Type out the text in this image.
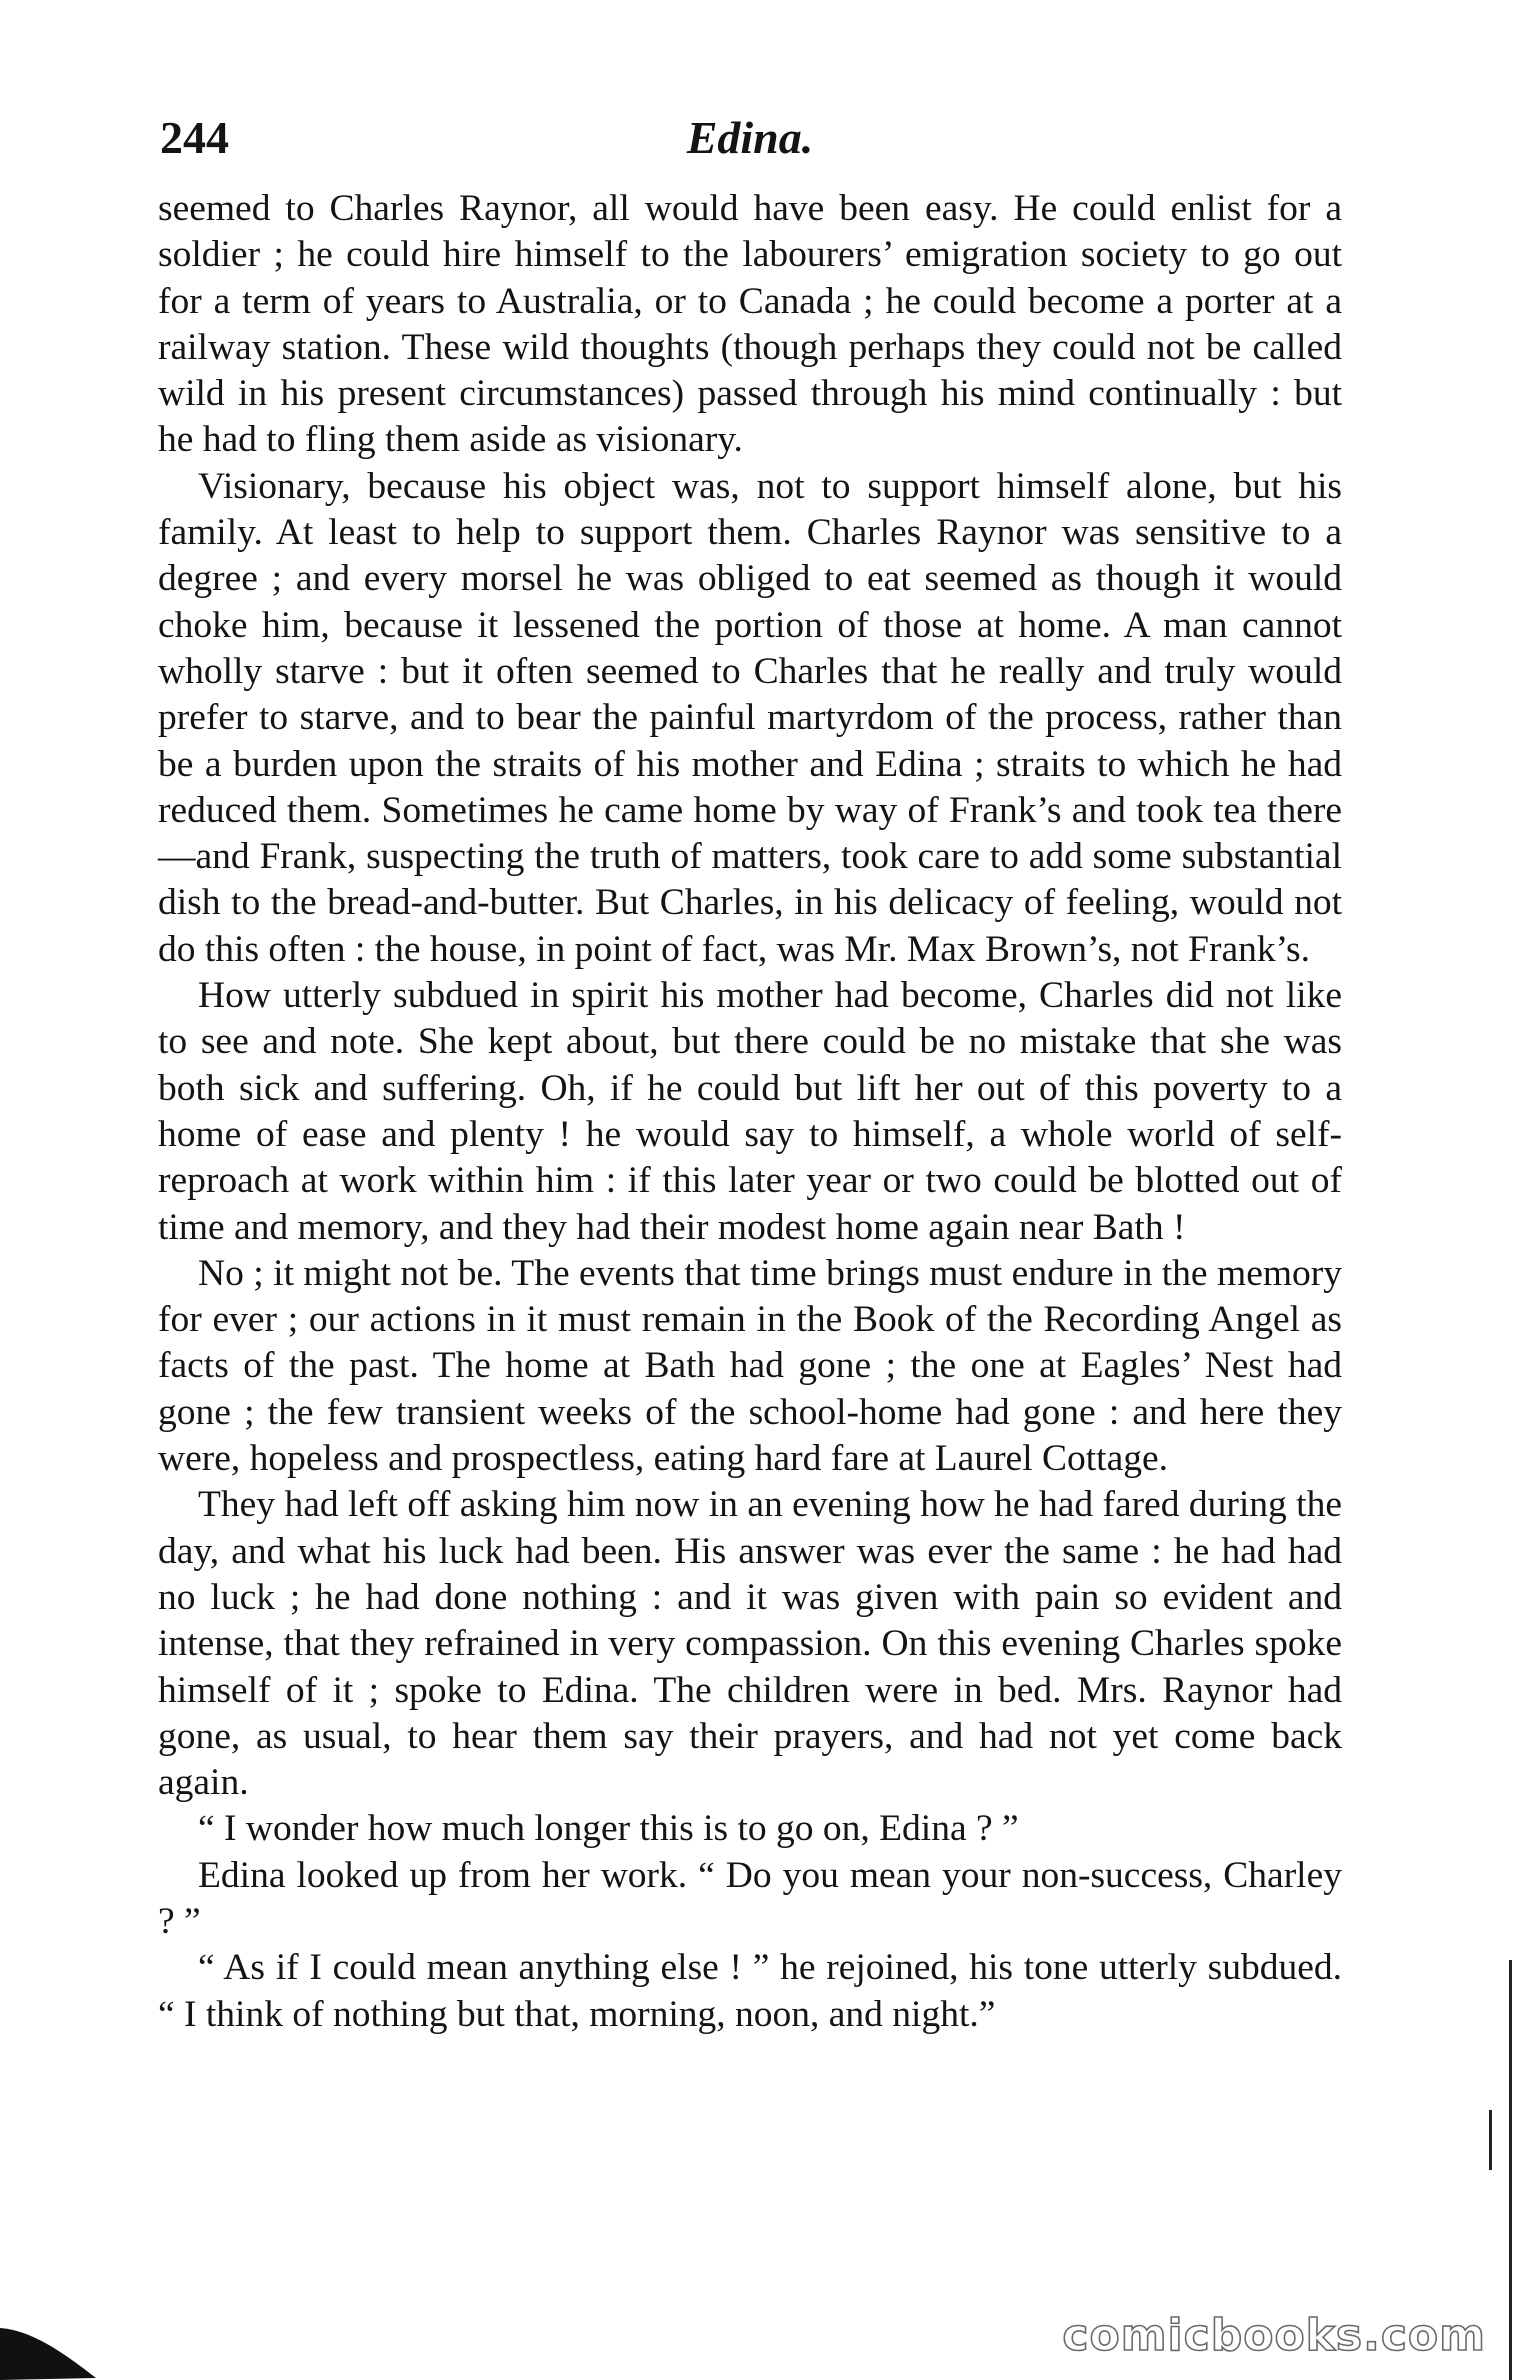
244	Edina.

seemed to Charles Raynor, all would have been easy. He could enlist for a soldier ; he could hire himself to the labourers’ emigration society to go out for a term of years to Australia, or to Canada ; he could become a porter at a railway station. These wild thoughts (though perhaps they could not be called wild in his present circumstances) passed through his mind continually : but he had to fling them aside as visionary.

Visionary, because his object was, not to support himself alone, but his family. At least to help to support them. Charles Raynor was sensitive to a degree ; and every morsel he was obliged to eat seemed as though it would choke him, because it lessened the portion of those at home. A man cannot wholly starve : but it often seemed to Charles that he really and truly would prefer to starve, and to bear the painful martyrdom of the process, rather than be a burden upon the straits of his mother and Edina ; straits to which he had reduced them. Sometimes he came home by way of Frank’s and took tea there—and Frank, suspecting the truth of matters, took care to add some substantial dish to the bread-and-butter. But Charles, in his delicacy of feeling, would not do this often : the house, in point of fact, was Mr. Max Brown’s, not Frank’s.

How utterly subdued in spirit his mother had become, Charles did not like to see and note. She kept about, but there could be no mistake that she was both sick and suffering. Oh, if he could but lift her out of this poverty to a home of ease and plenty ! he would say to himself, a whole world of self-reproach at work within him : if this later year or two could be blotted out of time and memory, and they had their modest home again near Bath !

No ; it might not be. The events that time brings must endure in the memory for ever ; our actions in it must remain in the Book of the Recording Angel as facts of the past. The home at Bath had gone ; the one at Eagles’ Nest had gone ; the few transient weeks of the school-home had gone : and here they were, hopeless and prospectless, eating hard fare at Laurel Cottage.

They had left off asking him now in an evening how he had fared during the day, and what his luck had been. His answer was ever the same : he had had no luck ; he had done nothing : and it was given with pain so evident and intense, that they refrained in very compassion. On this evening Charles spoke himself of it ; spoke to Edina. The children were in bed. Mrs. Raynor had gone, as usual, to hear them say their prayers, and had not yet come back again.

“ I wonder how much longer this is to go on, Edina ? ”

Edina looked up from her work. “ Do you mean your non-success, Charley ? ”

“ As if I could mean anything else ! ” he rejoined, his tone utterly subdued. “ I think of nothing but that, morning, noon, and night.”

comicbooks.com
